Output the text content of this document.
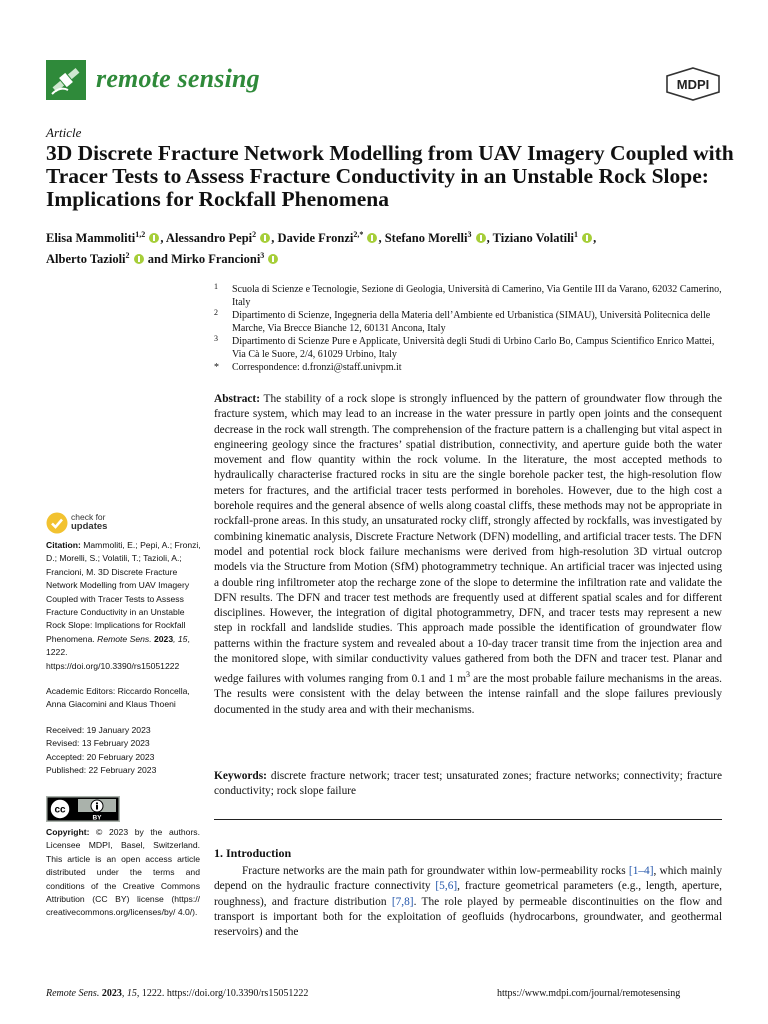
remote sensing	MDPI
Article
3D Discrete Fracture Network Modelling from UAV Imagery Coupled with Tracer Tests to Assess Fracture Conductivity in an Unstable Rock Slope: Implications for Rockfall Phenomena
Elisa Mammoliti$^{1,2}$ , Alessandro Pepi$^2$ , Davide Fronzi$^{2,*}$ , Stefano Morelli$^3$ , Tiziano Volatili$^1$ ,
Alberto Tazioli$^2$  and Mirko Francioni$^3$
1 Scuola di Scienze e Tecnologie, Sezione di Geologia, Università di Camerino, Via Gentile III da Varano, 62032 Camerino, Italy
2 Dipartimento di Scienze, Ingegneria della Materia dell’Ambiente ed Urbanistica (SIMAU), Università Politecnica delle Marche, Via Brecce Bianche 12, 60131 Ancona, Italy
3 Dipartimento di Scienze Pure e Applicate, Università degli Studi di Urbino Carlo Bo, Campus Scientifico Enrico Mattei, Via Cà le Suore, 2/4, 61029 Urbino, Italy
* Correspondence: d.fronzi@staff.univpm.it
Abstract: The stability of a rock slope is strongly influenced by the pattern of groundwater flow through the fracture system, which may lead to an increase in the water pressure in partly open joints and the consequent decrease in the rock wall strength. The comprehension of the fracture pattern is a challenging but vital aspect in engineering geology since the fractures’ spatial distribution, connectivity, and aperture guide both the water movement and flow quantity within the rock volume. In the literature, the most accepted methods to hydraulically characterise fractured rocks in situ are the single borehole packer test, the high-resolution flow meters for fractures, and the artificial tracer tests performed in boreholes. However, due to the high cost a borehole requires and the general absence of wells along coastal cliffs, these methods may not be appropriate in rockfall-prone areas. In this study, an unsaturated rocky cliff, strongly affected by rockfalls, was investigated by combining kinematic analysis, Discrete Fracture Network (DFN) modelling, and artificial tracer tests. The DFN model and potential rock block failure mechanisms were derived from high-resolution 3D virtual outcrop models via the Structure from Motion (SfM) photogrammetry technique. An artificial tracer was injected using a double ring infiltrometer atop the recharge zone of the slope to determine the infiltration rate and validate the DFN results. The DFN and tracer test methods are frequently used at different spatial scales and for different disciplines. However, the integration of digital photogrammetry, DFN, and tracer tests may represent a new step in rockfall and landslide studies. This approach made possible the identification of groundwater flow patterns within the fracture system and revealed about a 10-day tracer transit time from the injection area and the monitored slope, with similar conductivity values gathered from both the DFN and tracer test. Planar and wedge failures with volumes ranging from 0.1 and 1 $m^3$ are the most probable failure mechanisms in the areas. The results were consistent with the delay between the intense rainfall and the slope failures previously documented in the study area and with their mechanisms.
Keywords: discrete fracture network; tracer test; unsaturated zones; fracture networks; connectivity; fracture conductivity; rock slope failure
1. Introduction
Fracture networks are the main path for groundwater within low-permeability rocks [1–4], which mainly depend on the hydraulic fracture connectivity [5,6], fracture geometrical parameters (e.g., length, aperture, roughness), and fracture distribution [7,8]. The role played by permeable discontinuities on the flow and transport is important both for the exploitation of geofluids (hydrocarbons, groundwater, and geothermal reservoirs) and the
check for
updates
Citation: Mammoliti, E.; Pepi, A.; Fronzi, D.; Morelli, S.; Volatili, T.; Tazioli, A.; Francioni, M. 3D Discrete Fracture Network Modelling from UAV Imagery Coupled with Tracer Tests to Assess Fracture Conductivity in an Unstable Rock Slope: Implications for Rockfall Phenomena. Remote Sens. 2023, 15, 1222. https://doi.org/10.3390/rs15051222
Academic Editors: Riccardo Roncella, Anna Giacomini and Klaus Thoeni
Received: 19 January 2023
Revised: 13 February 2023
Accepted: 20 February 2023
Published: 22 February 2023
cc
BY
Copyright: © 2023 by the authors. Licensee MDPI, Basel, Switzerland. This article is an open access article distributed under the terms and conditions of the Creative Commons Attribution (CC BY) license (https:// creativecommons.org/licenses/by/ 4.0/).
Remote Sens. 2023, 15, 1222. https://doi.org/10.3390/rs15051222	https://www.mdpi.com/journal/remotesensing
